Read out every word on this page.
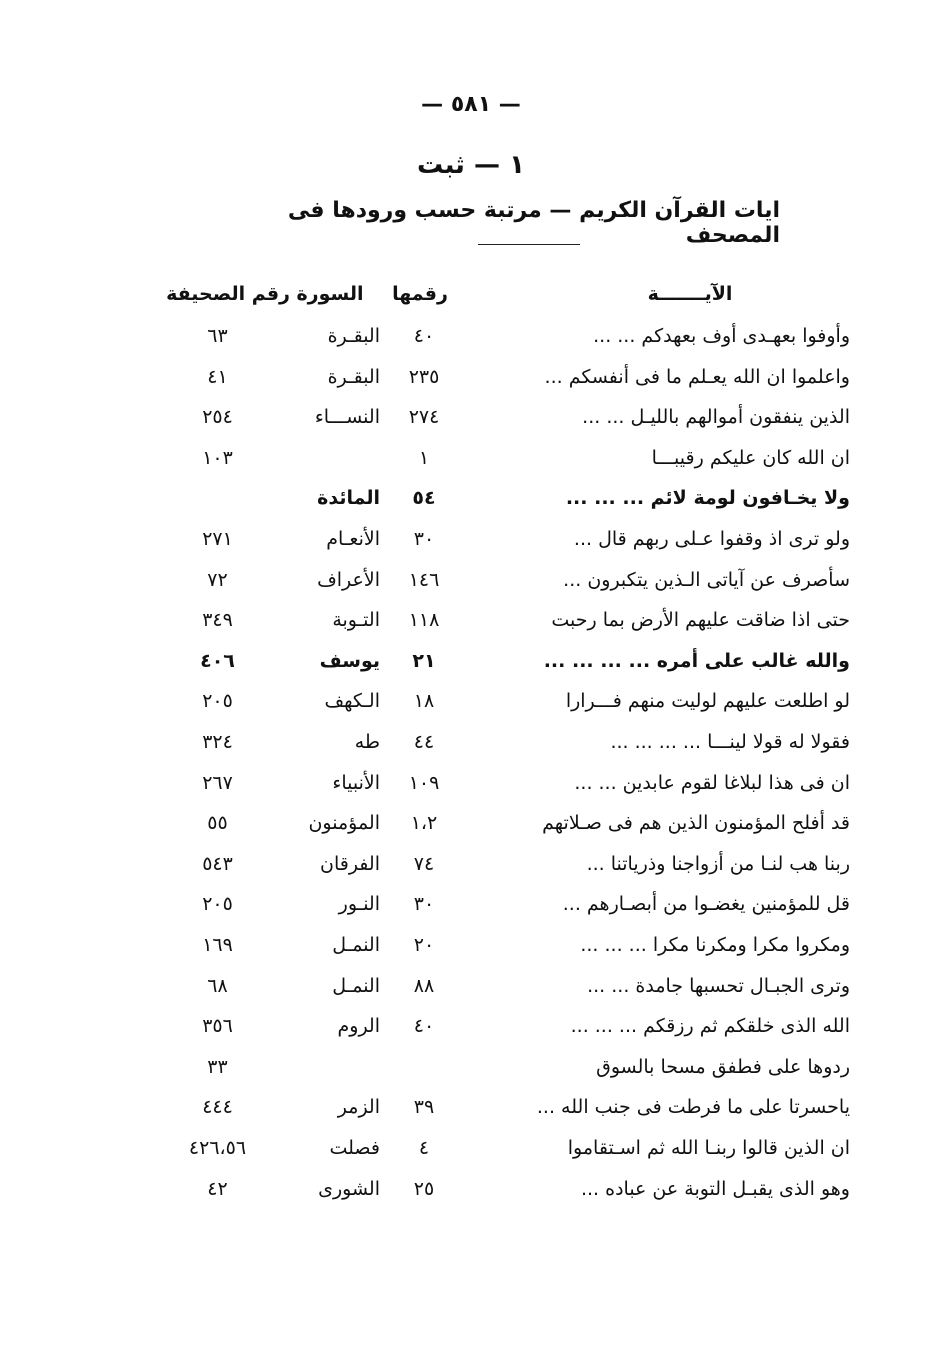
— ٥٨١ —
١ — ثبت
ايات القرآن الكريم — مرتبة حسب ورودها فى المصحف
الآيـــــــة
رقمها
السورة
رقم الصحيفة
وأوفوا بعهـدى أوف بعهدكم ... ...
٤٠
البقـرة
٦٣
واعلموا ان الله يعـلم ما فى أنفسكم ...
٢٣٥
البقـرة
٤١
الذين ينفقون أموالهم بالليـل ... ...
٢٧٤
النســـاء
٢٥٤
ان الله كان عليكم رقيبـــا
١
١٠٣
ولا يخـافون لومة لائم ... ... ...
٥٤
المائدة
ولو ترى اذ وقفوا عـلى ربهم قال ...
٣٠
الأنعـام
٢٧١
سأصرف عن آياتى الـذين يتكبرون ...
١٤٦
الأعراف
٧٢
حتى اذا ضاقت عليهم الأرض بما رحبت
١١٨
التـوبة
٣٤٩
والله غالب على أمره ... ... ... ...
٢١
يوسف
٤٠٦
لو اطلعت عليهم لوليت منهم فـــرارا
١٨
الـكهف
٢٠٥
فقولا له قولا لينـــا ... ... ... ...
٤٤
طه
٣٢٤
ان فى هذا لبلاغا لقوم عابدين ... ...
١٠٩
الأنبياء
٢٦٧
قد أفلح المؤمنون الذين هم فى صـلاتهم
١،٢
المؤمنون
٥٥
ربنا هب لنـا من أزواجنا وذرياتنا ...
٧٤
الفرقان
٥٤٣
قل للمؤمنين يغضـوا من أبصـارهم ...
٣٠
النـور
٢٠٥
ومكروا مكرا ومكرنا مكرا ... ... ...
٢٠
النمـل
١٦٩
وترى الجبـال تحسبها جامدة ... ...
٨٨
النمـل
٦٨
الله الذى خلقكم ثم رزقكم ... ... ...
٤٠
الروم
٣٥٦
ردوها على فطفق مسحا بالسوق
٣٣
ياحسرتا على ما فرطت فى جنب الله ...
٣٩
الزمر
٤٤٤
ان الذين قالوا ربنـا الله ثم اسـتقاموا
٤
فصلت
٤٢٦،٥٦
وهو الذى يقبـل التوبة عن عباده ...
٢٥
الشورى
٤٢
